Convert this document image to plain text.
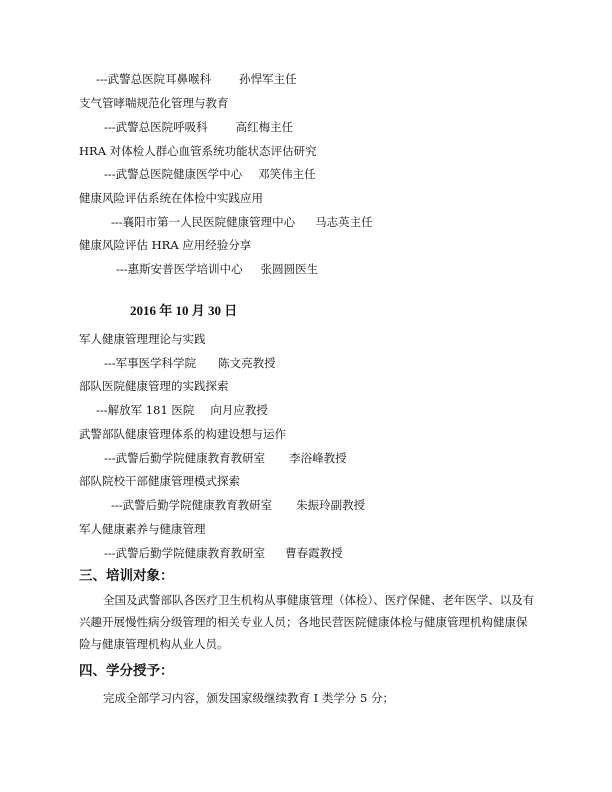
---武警总医院耳鼻喉科 孙悍军主任
支气管哮喘规范化管理与教育
---武警总医院呼吸科 高红梅主任
HRA 对体检人群心血管系统功能状态评估研究
---武警总医院健康医学中心 邓笑伟主任
健康风险评估系统在体检中实践应用
---襄阳市第一人民医院健康管理中心 马志英主任
健康风险评估 HRA 应用经验分享
---惠斯安普医学培训中心 张圆圆医生
2016 年 10 月 30 日
军人健康管理理论与实践
---军事医学科学院 陈文亮教授
部队医院健康管理的实践探索
---解放军 181 医院 向月应教授
武警部队健康管理体系的构建设想与运作
---武警后勤学院健康教育教研室 李浴峰教授
部队院校干部健康管理模式探索
---武警后勤学院健康教育教研室 朱振玲副教授
军人健康素养与健康管理
---武警后勤学院健康教育教研室 曹春霞教授
三、培训对象：
全国及武警部队各医疗卫生机构从事健康管理（体检）、医疗保健、老年医学、以及有兴趣开展慢性病分级管理的相关专业人员；各地民营医院健康体检与健康管理机构健康保险与健康管理机构从业人员。
四、学分授予：
完成全部学习内容，颁发国家级继续教育 I 类学分 5 分；
